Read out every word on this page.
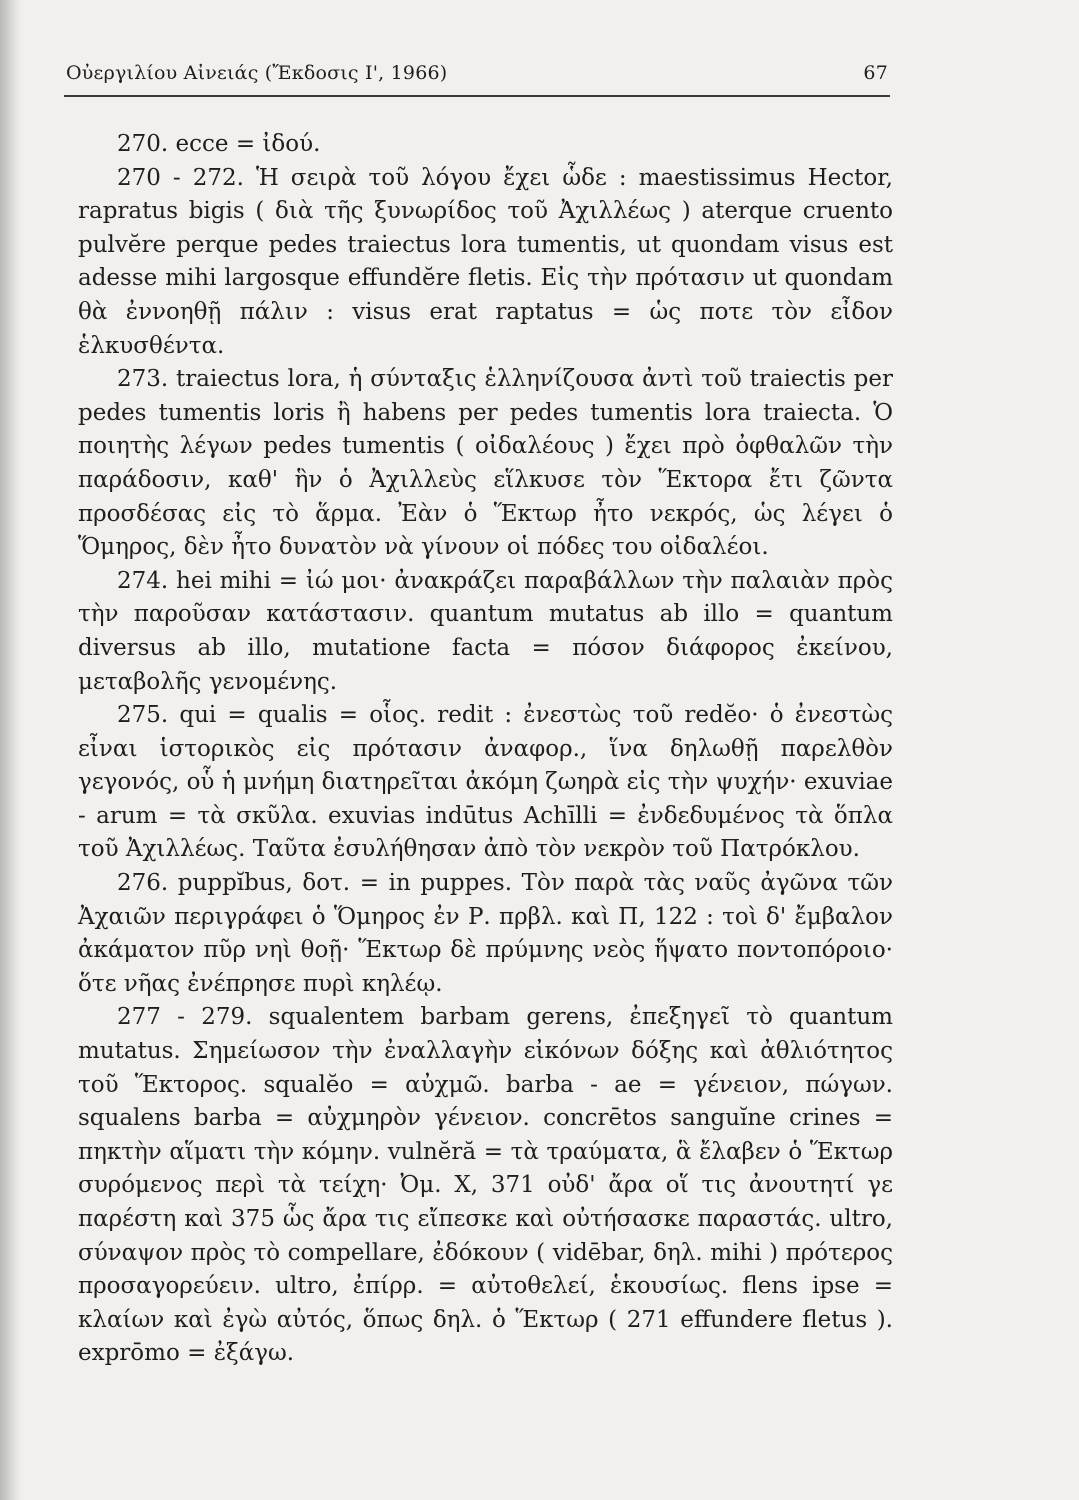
Οὐεργιλίου Αἰνειάς (Ἔκδοσις Ι', 1966)	67

270. ecce = ἰδού.

270 - 272. Ἡ σειρὰ τοῦ λόγου ἔχει ὧδε : maestissimus Hector, rapratus bigis ( διὰ τῆς ξυνωρίδος τοῦ Ἀχιλλέως ) aterque cruento pulvĕre perque pedes traiectus lora tumentis, ut quondam visus est adesse mihi largosque effundĕre fletis. Εἰς τὴν πρότασιν ut quondam θὰ ἐννοηθῇ πάλιν : visus erat raptatus = ὡς ποτε τὸν εἶδον ἑλκυσθέντα.

273. traiectus lora, ἡ σύνταξις ἑλληνίζουσα ἀντὶ τοῦ traiectis per pedes tumentis loris ἢ habens per pedes tumentis lora traiecta. Ὁ ποιητὴς λέγων pedes tumentis ( οἰδαλέους ) ἔχει πρὸ ὀφθαλῶν τὴν παράδοσιν, καθ' ἣν ὁ Ἀχιλλεὺς εἵλκυσε τὸν Ἕκτορα ἔτι ζῶντα προσδέσας εἰς τὸ ἅρμα. Ἐὰν ὁ Ἕκτωρ ἦτο νεκρός, ὡς λέγει ὁ Ὅμηρος, δὲν ἦτο δυνατὸν νὰ γίνουν οἱ πόδες του οἰδαλέοι.

274. hei mihi = ἰώ μοι· ἀνακράζει παραβάλλων τὴν παλαιὰν πρὸς τὴν παροῦσαν κατάστασιν. quantum mutatus ab illo = quantum diversus ab illo, mutatione facta = πόσον διάφορος ἐκείνου, μεταβολῆς γενομένης.

275. qui = qualis = οἷος. redit : ἐνεστὼς τοῦ redĕo· ὁ ἐνεστὼς εἶναι ἱστορικὸς εἰς πρότασιν ἀναφορ., ἵνα δηλωθῇ παρελθὸν γεγονός, οὗ ἡ μνήμη διατηρεῖται ἀκόμη ζωηρὰ εἰς τὴν ψυχήν· exuviae - arum = τὰ σκῦλα. exuvias indūtus Achīlli = ἐνδεδυμένος τὰ ὅπλα τοῦ Ἀχιλλέως. Ταῦτα ἐσυλήθησαν ἀπὸ τὸν νεκρὸν τοῦ Πατρόκλου.

276. puppĭbus, δοτ. = in puppes. Τὸν παρὰ τὰς ναῦς ἀγῶνα τῶν Ἀχαιῶν περιγράφει ὁ Ὅμηρος ἐν Ρ. πρβλ. καὶ Π, 122 : τοὶ δ' ἔμβαλον ἀκάματον πῦρ νηὶ θοῇ· Ἕκτωρ δὲ πρύμνης νεὸς ἥψατο ποντοπόροιο· ὅτε νῆας ἐνέπρησε πυρὶ κηλέῳ.

277 - 279. squalentem barbam gerens, ἐπεξηγεῖ τὸ quantum mutatus. Σημείωσον τὴν ἐναλλαγὴν εἰκόνων δόξης καὶ ἀθλιότητος τοῦ Ἕκτορος. squalĕo = αὐχμῶ. barba - ae = γένειον, πώγων. squalens barba = αὐχμηρὸν γένειον. concrētos sanguĭne crines = πηκτὴν αἵματι τὴν κόμην. vulnĕră = τὰ τραύματα, ἃ ἔλαβεν ὁ Ἕκτωρ συρόμενος περὶ τὰ τείχη· Ὀμ. Χ, 371 οὐδ' ἄρα οἵ τις ἀνουτητί γε παρέστη καὶ 375 ὧς ἄρα τις εἴπεσκε καὶ οὐτήσασκε παραστάς. ultro, σύναψον πρὸς τὸ compellare, ἐδόκουν ( vidēbar, δηλ. mihi ) πρότερος προσαγορεύειν. ultro, ἐπίρρ. = αὐτοθελεί, ἑκουσίως. flens ipse = κλαίων καὶ ἐγὼ αὐτός, ὅπως δηλ. ὁ Ἕκτωρ ( 271 effundere fletus ). exprōmo = ἐξάγω.
